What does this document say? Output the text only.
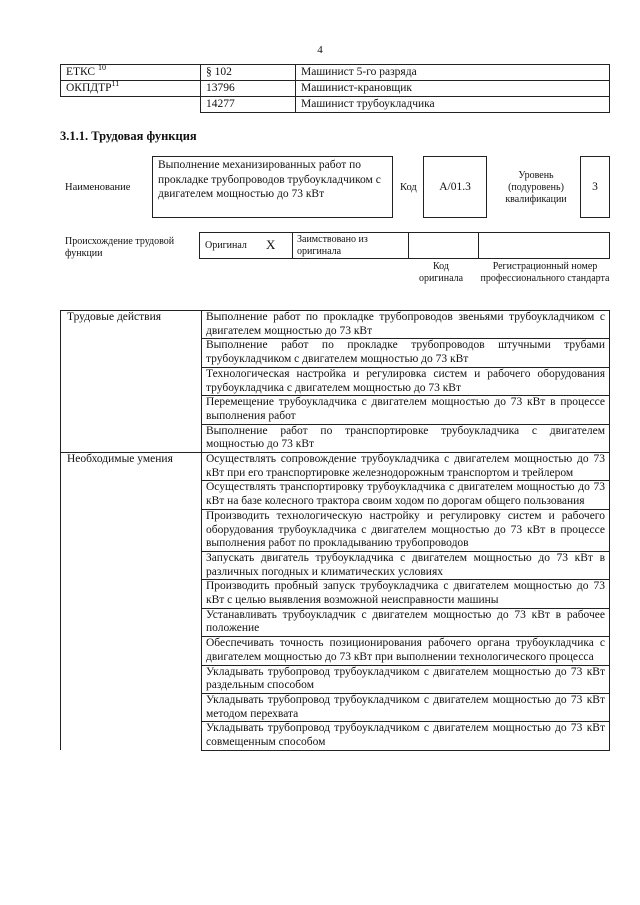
4
ЕТКС $^{10}$	§ 102	Машинист 5-го разряда
ОКПДТР$^{11}$	13796	Машинист-крановщик
	14277	Машинист трубоукладчика
3.1.1. Трудовая функция
Наименование
Выполнение механизированных работ по прокладке трубопроводов трубоукладчиком с двигателем мощностью до 73 кВт
Код	А/01.3
Уровень (подуровень) квалификации
3
Происхождение трудовой функции
Оригинал X Заимствовано из оригинала
Код оригинала
Регистрационный номер профессионального стандарта
Трудовые действия	Выполнение работ по прокладке трубопроводов звеньями трубоукладчиком с двигателем мощностью до 73 кВт
	Выполнение работ по прокладке трубопроводов штучными трубами трубоукладчиком с двигателем мощностью до 73 кВт
	Технологическая настройка и регулировка систем и рабочего оборудования трубоукладчика с двигателем мощностью до 73 кВт
	Перемещение трубоукладчика с двигателем мощностью до 73 кВт в процессе выполнения работ
	Выполнение работ по транспортировке трубоукладчика с двигателем мощностью до 73 кВт
Необходимые умения	Осуществлять сопровождение трубоукладчика с двигателем мощностью до 73 кВт при его транспортировке железнодорожным транспортом и трейлером
	Осуществлять транспортировку трубоукладчика с двигателем мощностью до 73 кВт на базе колесного трактора своим ходом по дорогам общего пользования
	Производить технологическую настройку и регулировку систем и рабочего оборудования трубоукладчика с двигателем мощностью до 73 кВт в процессе выполнения работ по прокладыванию трубопроводов
	Запускать двигатель трубоукладчика с двигателем мощностью до 73 кВт в различных погодных и климатических условиях
	Производить пробный запуск трубоукладчика с двигателем мощностью до 73 кВт с целью выявления возможной неисправности машины
	Устанавливать трубоукладчик с двигателем мощностью до 73 кВт в рабочее положение
	Обеспечивать точность позиционирования рабочего органа трубоукладчика с двигателем мощностью до 73 кВт при выполнении технологического процесса
	Укладывать трубопровод трубоукладчиком с двигателем мощностью до 73 кВт раздельным способом
	Укладывать трубопровод трубоукладчиком с двигателем мощностью до 73 кВт методом перехвата
	Укладывать трубопровод трубоукладчиком с двигателем мощностью до 73 кВт совмещенным способом
